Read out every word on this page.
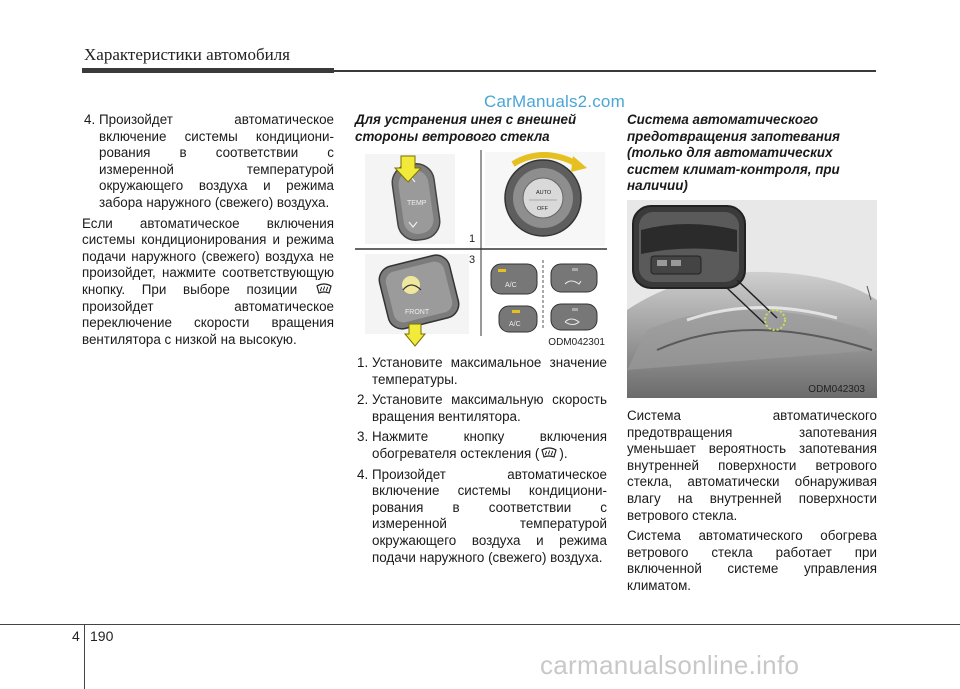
Характеристики автомобиля
CarManuals2.com

4. Произойдет автоматическое включение системы кондиционирования в соответствии с измеренной температурой окружающего воздуха и режима забора наружного (свежего) воздуха.

Если автоматическое включения системы кондиционирования и режима подачи наружного (свежего) воздуха не произойдет, нажмите соответствующую кнопку. При выборе позиции  произойдет автоматическое переключение скорости вращения вентилятора с низкой на высокую.

Для устранения инея с внешней стороны ветрового стекла

1
3
TEMP
AUTO
OFF
FRONT
A/C
A/C
ODM042301

1. Установите максимальное значение температуры.

2. Установите максимальную скорость вращения вентилятора.

3. Нажмите кнопку включения обогревателя остекления ( ).

4. Произойдет автоматическое включение системы кондиционирования в соответствии с измеренной температурой окружающего воздуха и режима подачи наружного (свежего) воздуха.

Система автоматического предотвращения запотевания (только для автоматических систем климат-контроля, при наличии)

ODM042303

Система автоматического предотвращения запотевания уменьшает вероятность запотевания внутренней поверхности ветрового стекла, автоматически обнаруживая влагу на внутренней поверхности ветрового стекла.

Система автоматического обогрева ветрового стекла работает при включенной системе управления климатом.

4 190
carmanualsonline.info
